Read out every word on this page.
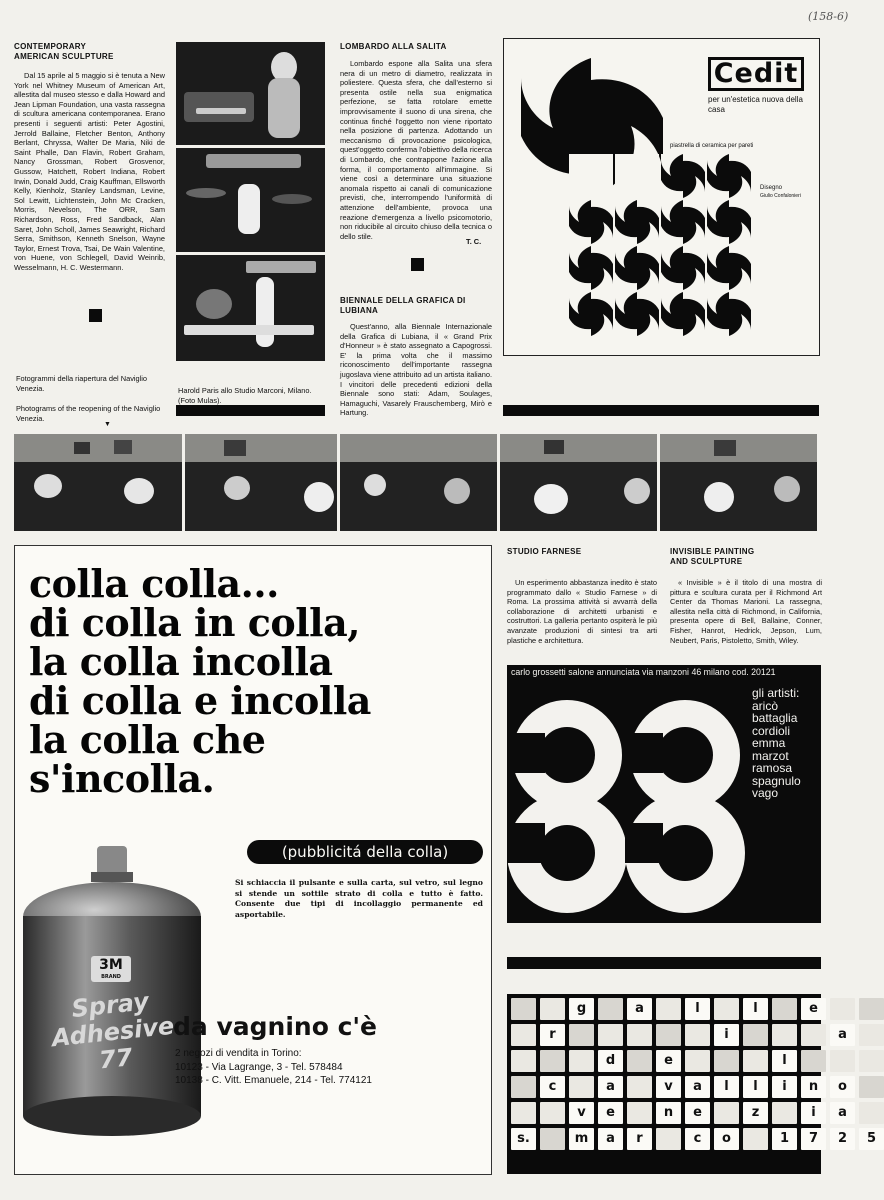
(158-6)
CONTEMPORARY
AMERICAN SCULPTURE
Dal 15 aprile al 5 maggio si è tenuta a New York nel Whitney Museum of American Art, allestita dal museo stesso e dalla Howard and Jean Lipman Foundation, una vasta rassegna di scultura americana contemporanea. Erano presenti i seguenti artisti: Peter Agostini, Jerrold Ballaine, Fletcher Benton, Anthony Berlant, Chryssa, Walter De Maria, Niki de Saint Phalle, Dan Flavin, Robert Graham, Nancy Grossman, Robert Grosvenor, Gussow, Hatchett, Robert Indiana, Robert Irwin, Donald Judd, Craig Kauffman, Ellsworth Kelly, Kienholz, Stanley Landsman, Levine, Sol Lewitt, Lichtenstein, John Mc Cracken, Morris, Nevelson, The ORR, Sam Richardson, Ross, Fred Sandback, Alan Saret, John Scholl, James Seawright, Richard Serra, Smithson, Kenneth Snelson, Wayne Taylor, Ernest Trova, Tsai, De Wain Valentine, von Huene, von Schlegell, David Weinrib, Wesselmann, H. C. Westermann.
Fotogrammi della riapertura del Naviglio Venezia.
Photograms of the reopening of the Naviglio Venezia.
▼
Harold Paris allo Studio Marconi, Milano. (Foto Mulas).
LOMBARDO ALLA SALITA
Lombardo espone alla Salita una sfera nera di un metro di diametro, realizzata in poliestere. Questa sfera, che dall'esterno si presenta ostile nella sua enigmatica perfezione, se fatta rotolare emette improvvisamente il suono di una sirena, che continua finché l'oggetto non viene riportato nella posizione di partenza. Adottando un meccanismo di provocazione psicologica, quest'oggetto conferma l'obiettivo della ricerca di Lombardo, che contrappone l'azione alla forma, il comportamento all'immagine. Si viene così a determinare una situazione anomala rispetto ai canali di comunicazione previsti, che, interrompendo l'uniformità di attenzione dell'ambiente, provoca una reazione d'emergenza a livello psicomotorio, non riducibile al circuito chiuso della tecnica o dello stile.
T. C.
BIENNALE DELLA GRAFICA DI LUBIANA
Quest'anno, alla Biennale Internazionale della Grafica di Lubiana, il « Grand Prix d'Honneur » è stato assegnato a Capogrossi. E' la prima volta che il massimo riconoscimento dell'importante rassegna jugoslava viene attribuito ad un artista italiano. I vincitori delle precedenti edizioni della Biennale sono stati: Adam, Soulages, Hamaguchi, Vasarely Frauschemberg, Mirò e Hartung.
Cedit
per un'estetica nuova della casa
piastrella di ceramica per pareti
Disegno
Giulio Confalonieri
colla colla...
di colla in colla,
la colla incolla
di colla e incolla
la colla che
s'incolla.
(pubblicitá della colla)
Si schiaccia il pulsante e sulla carta, sul vetro, sul legno si stende un sottile strato di colla e tutto è fatto. Consente due tipi di incollaggio permanente ed asportabile.
3M
BRAND
Spray Adhesive 77
da vagnino c'è
2 negozi di vendita in Torino:
10123 - Via Lagrange, 3 - Tel. 578484
10138 - C. Vitt. Emanuele, 214 - Tel. 774121
STUDIO FARNESE
Un esperimento abbastanza inedito è stato programmato dallo « Studio Farnese » di Roma. La prossima attività si avvarrà della collaborazione di architetti urbanisti e costruttori. La galleria pertanto ospiterà le più avanzate produzioni di sintesi tra arti plastiche e architettura.
INVISIBLE PAINTING
AND SCULPTURE
« Invisible » è il titolo di una mostra di pittura e scultura curata per il Richmond Art Center da Thomas Marioni. La rassegna, allestita nella città di Richmond, in California, presenta opere di Bell, Ballaine, Conner, Fisher, Hanrot, Hedrick, Jepson, Lum, Neubert, Paris, Pistoletto, Smith, Wiley.
carlo grossetti salone annunciata via manzoni 46 milano cod. 20121
gli artisti:
aricò
battaglia
cordioli
emma
marzot
ramosa
spagnulo
vago
g	a	l	l	e
r	i	a
d	e	l
c	a	v	a	l	l	i	n	o
v	e	n	e	z	i	a
s.	m	a	r	c	o	1	7	2	5
